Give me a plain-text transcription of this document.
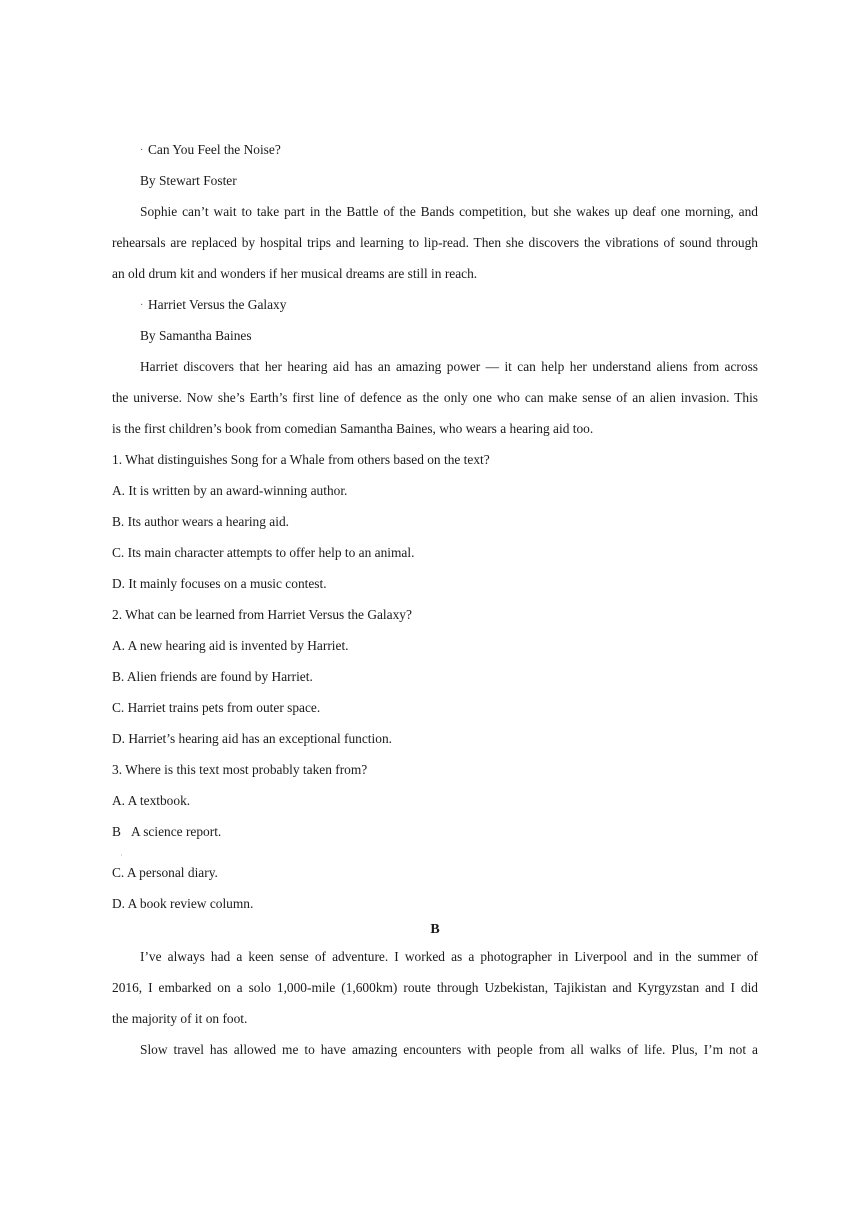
· Can You Feel the Noise?
By Stewart Foster
Sophie can’t wait to take part in the Battle of the Bands competition, but she wakes up deaf one morning, and
rehearsals are replaced by hospital trips and learning to lip-read. Then she discovers the vibrations of sound through
an old drum kit and wonders if her musical dreams are still in reach.
· Harriet Versus the Galaxy
By Samantha Baines
Harriet discovers that her hearing aid has an amazing power — it can help her understand aliens from across
the universe. Now she’s Earth’s first line of defence as the only one who can make sense of an alien invasion. This
is the first children’s book from comedian Samantha Baines, who wears a hearing aid too.
1. What distinguishes Song for a Whale from others based on the text?
A. It is written by an award-winning author.
B. Its author wears a hearing aid.
C. Its main character attempts to offer help to an animal.
D. It mainly focuses on a music contest.
2. What can be learned from Harriet Versus the Galaxy?
A. A new hearing aid is invented by Harriet.
B. Alien friends are found by Harriet.
C. Harriet trains pets from outer space.
D. Harriet’s hearing aid has an exceptional function.
3. Where is this text most probably taken from?
A. A textbook.
B A science report.
˙
C. A personal diary.
D. A book review column.
B
I’ve always had a keen sense of adventure. I worked as a photographer in Liverpool and in the summer of
2016, I embarked on a solo 1,000-mile (1,600km) route through Uzbekistan, Tajikistan and Kyrgyzstan and I did
the majority of it on foot.
Slow travel has allowed me to have amazing encounters with people from all walks of life. Plus, I’m not a
